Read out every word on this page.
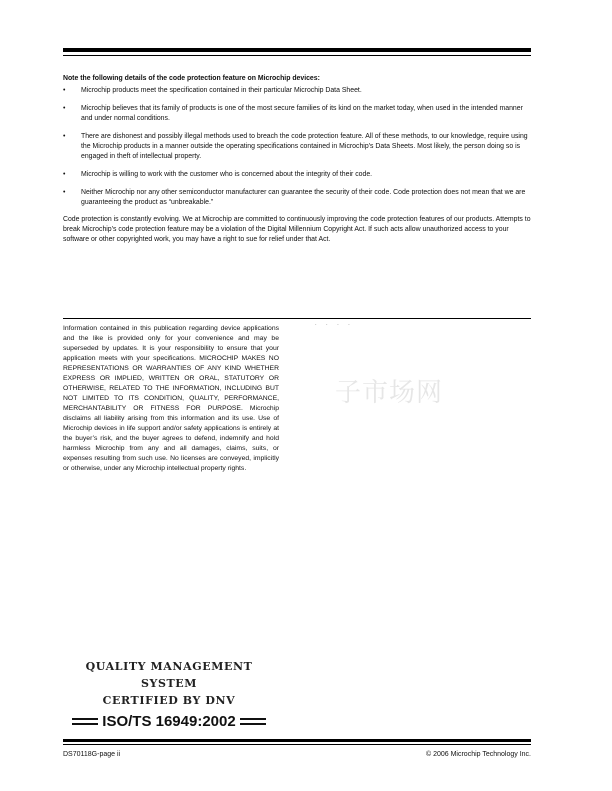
Note the following details of the code protection feature on Microchip devices:

• Microchip products meet the specification contained in their particular Microchip Data Sheet.
• Microchip believes that its family of products is one of the most secure families of its kind on the market today, when used in the intended manner and under normal conditions.
• There are dishonest and possibly illegal methods used to breach the code protection feature. All of these methods, to our knowledge, require using the Microchip products in a manner outside the operating specifications contained in Microchip’s Data Sheets. Most likely, the person doing so is engaged in theft of intellectual property.
• Microchip is willing to work with the customer who is concerned about the integrity of their code.
• Neither Microchip nor any other semiconductor manufacturer can guarantee the security of their code. Code protection does not mean that we are guaranteeing the product as “unbreakable.”

Code protection is constantly evolving. We at Microchip are committed to continuously improving the code protection features of our products. Attempts to break Microchip’s code protection feature may be a violation of the Digital Millennium Copyright Act. If such acts allow unauthorized access to your software or other copyrighted work, you may have a right to sue for relief under that Act.

Information contained in this publication regarding device applications and the like is provided only for your convenience and may be superseded by updates. It is your responsibility to ensure that your application meets with your specifications. MICROCHIP MAKES NO REPRESENTATIONS OR WARRANTIES OF ANY KIND WHETHER EXPRESS OR IMPLIED, WRITTEN OR ORAL, STATUTORY OR OTHERWISE, RELATED TO THE INFORMATION, INCLUDING BUT NOT LIMITED TO ITS CONDITION, QUALITY, PERFORMANCE, MERCHANTABILITY OR FITNESS FOR PURPOSE. Microchip disclaims all liability arising from this information and its use. Use of Microchip devices in life support and/or safety applications is entirely at the buyer’s risk, and the buyer agrees to defend, indemnify and hold harmless Microchip from any and all damages, claims, suits, or expenses resulting from such use. No licenses are conveyed, implicitly or otherwise, under any Microchip intellectual property rights.
· · · ·
子市场网
QUALITY MANAGEMENT SYSTEM
CERTIFIED BY DNV
ISO/TS 16949:2002
DS70118G-page ii	© 2006 Microchip Technology Inc.
